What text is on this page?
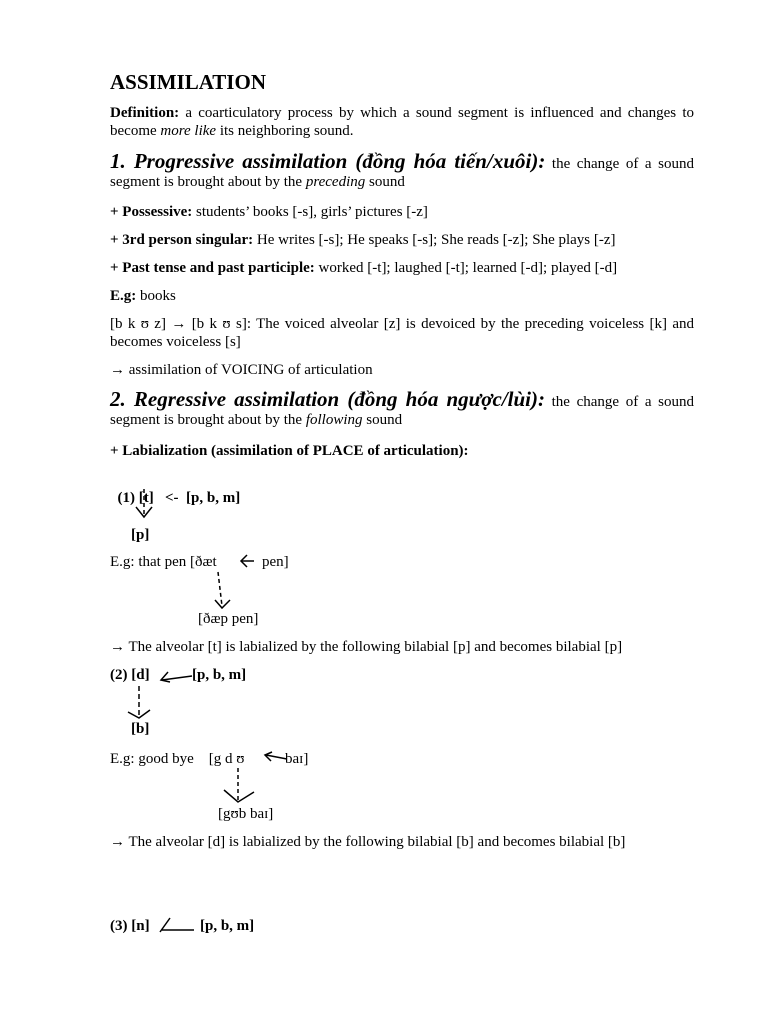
ASSIMILATION
Definition: a coarticulatory process by which a sound segment is influenced and changes to become more like its neighboring sound.
1. Progressive assimilation (đồng hóa tiến/xuôi): the change of a sound segment is brought about by the preceding sound
+ Possessive: students’ books [-s], girls’ pictures [-z]
+ 3rd person singular: He writes [-s]; He speaks [-s]; She reads [-z]; She plays [-z]
+ Past tense and past participle: worked [-t]; laughed [-t]; learned [-d]; played [-d]
E.g: books
[b k ʊ z] → [b k ʊ s]: The voiced alveolar [z] is devoiced by the preceding voiceless [k] and becomes voiceless [s]
→ assimilation of VOICING of articulation
2. Regressive assimilation (đồng hóa ngược/lùi): the change of a sound segment is brought about by the following sound
+ Labialization (assimilation of PLACE of articulation):

(1) [t]   <-  [p, b, m]

[p]
E.g: that pen [ðæt	pen]
[ðæp pen]
→ The alveolar [t] is labialized by the following bilabial [p] and becomes bilabial [p]
(2) [d]	[p, b, m]
[b]
E.g: good bye    [g d ʊ	baɪ]
[gʊb baɪ]
→ The alveolar [d] is labialized by the following bilabial [b] and becomes bilabial [b]
(3) [n]	[p, b, m]
